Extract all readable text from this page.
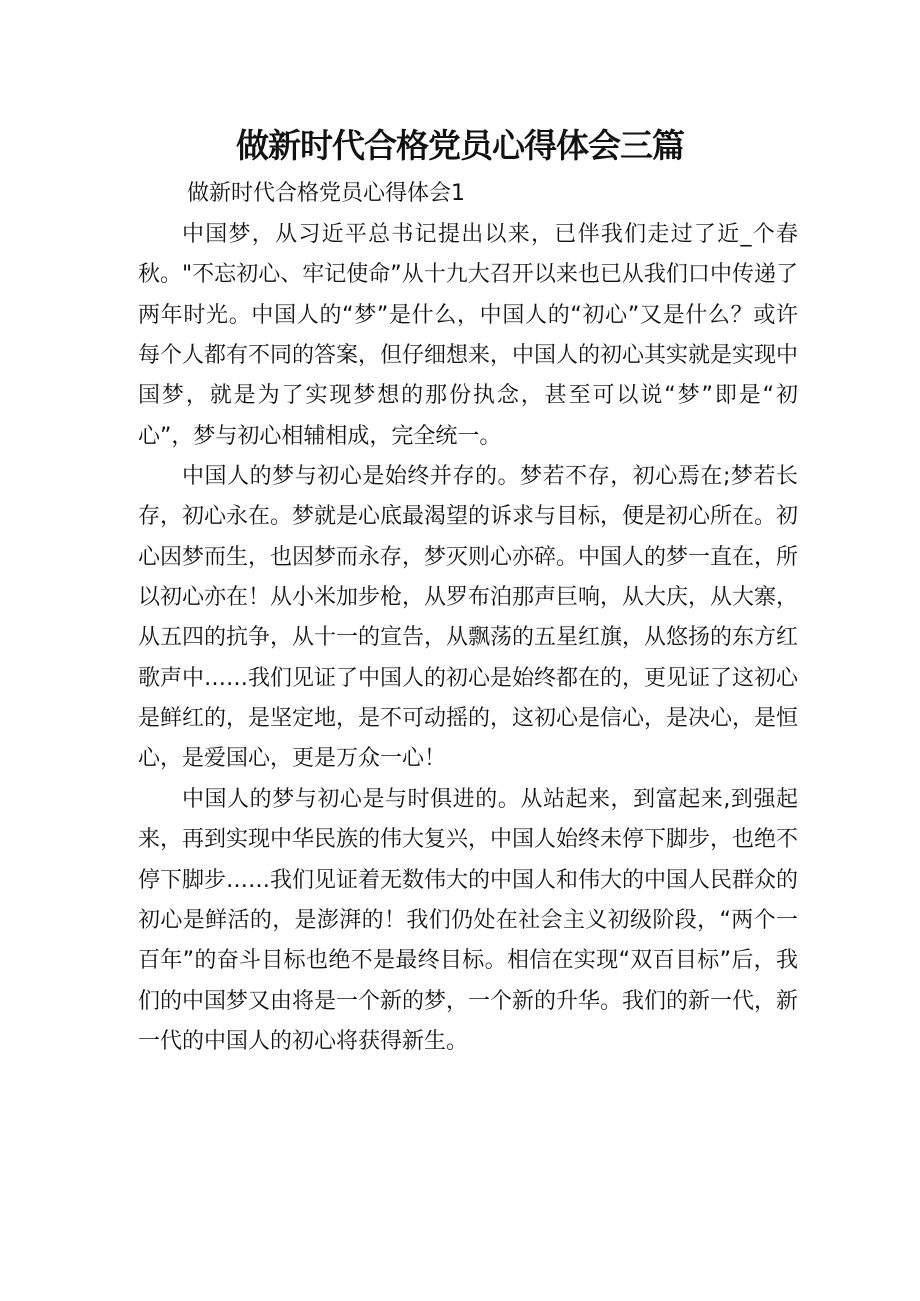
做新时代合格党员心得体会三篇

做新时代合格党员心得体会1

中国梦，从习近平总书记提出以来，已伴我们走过了近_个春秋。"不忘初心、牢记使命”从十九大召开以来也已从我们口中传递了两年时光。中国人的“梦”是什么，中国人的“初心”又是什么？或许每个人都有不同的答案，但仔细想来，中国人的初心其实就是实现中国梦，就是为了实现梦想的那份执念，甚至可以说“梦”即是“初心”，梦与初心相辅相成，完全统一。

中国人的梦与初心是始终并存的。梦若不存，初心焉在;梦若长存，初心永在。梦就是心底最渴望的诉求与目标，便是初心所在。初心因梦而生，也因梦而永存，梦灭则心亦碎。中国人的梦一直在，所以初心亦在！从小米加步枪，从罗布泊那声巨响，从大庆，从大寨，从五四的抗争，从十一的宣告，从飘荡的五星红旗，从悠扬的东方红歌声中……我们见证了中国人的初心是始终都在的，更见证了这初心是鲜红的，是坚定地，是不可动摇的，这初心是信心，是决心，是恒心，是爱国心，更是万众一心！

中国人的梦与初心是与时俱进的。从站起来，到富起来,到强起来，再到实现中华民族的伟大复兴，中国人始终未停下脚步，也绝不停下脚步……我们见证着无数伟大的中国人和伟大的中国人民群众的初心是鲜活的，是澎湃的！我们仍处在社会主义初级阶段，“两个一百年”的奋斗目标也绝不是最终目标。相信在实现“双百目标”后，我们的中国梦又由将是一个新的梦，一个新的升华。我们的新一代，新一代的中国人的初心将获得新生。
